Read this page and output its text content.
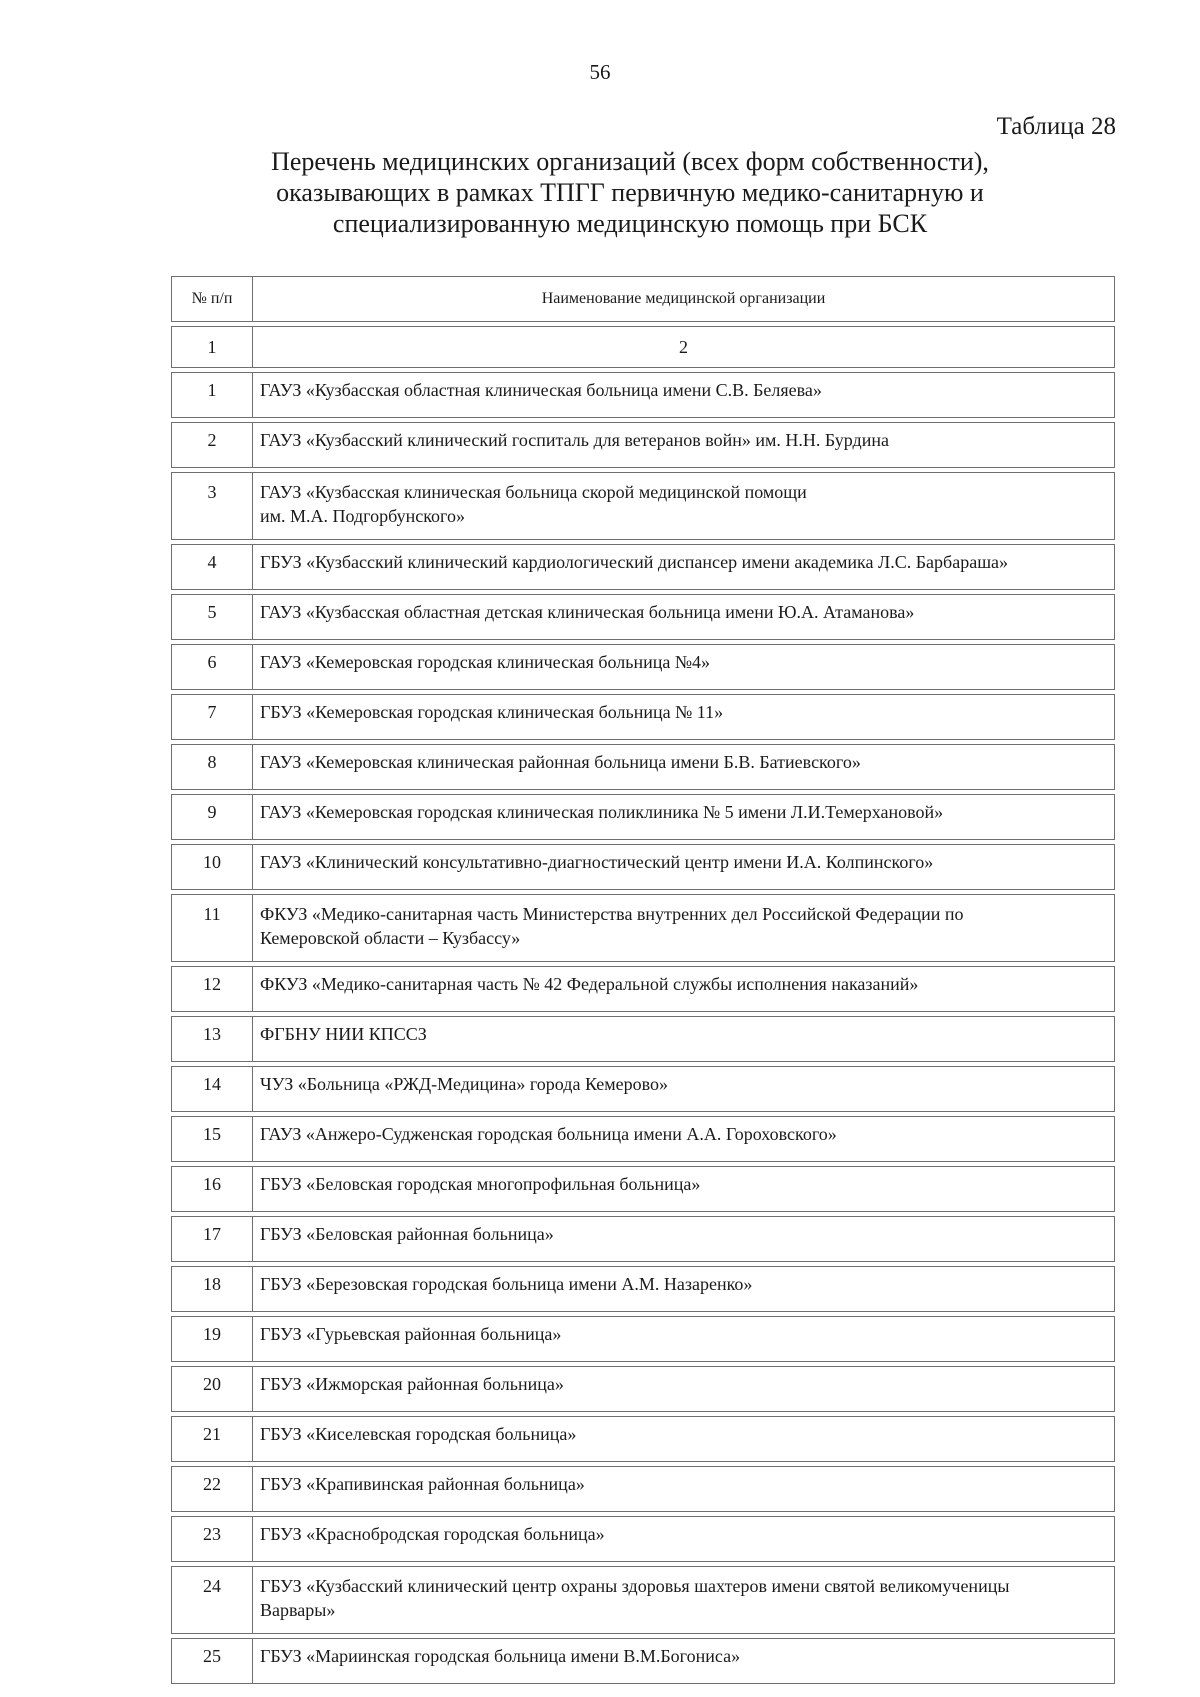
56
Таблица 28
Перечень медицинских организаций (всех форм собственности),
оказывающих в рамках ТПГГ первичную медико-санитарную и
специализированную медицинскую помощь при БСК
№ п/п	Наименование медицинской организации
1	2
1	ГАУЗ «Кузбасская областная клиническая больница имени С.В. Беляева»

2	ГАУЗ «Кузбасский клинический госпиталь для ветеранов войн» им. Н.Н. Бурдина

3	ГАУЗ «Кузбасская клиническая больница скорой медицинской помощи
им. М.А. Подгорбунского»

4	ГБУЗ «Кузбасский клинический кардиологический диспансер имени академика Л.С. Барбараша»

5	ГАУЗ «Кузбасская областная детская клиническая больница имени Ю.А. Атаманова»

6	ГАУЗ «Кемеровская городская клиническая больница №4»

7	ГБУЗ «Кемеровская городская клиническая больница № 11»

8	ГАУЗ «Кемеровская клиническая районная больница имени Б.В. Батиевского»

9	ГАУЗ «Кемеровская городская клиническая поликлиника № 5 имени Л.И.Темерхановой»

10	ГАУЗ «Клинический консультативно-диагностический центр имени И.А. Колпинского»

11	ФКУЗ «Медико-санитарная часть Министерства внутренних дел Российской Федерации по
Кемеровской области – Кузбассу»

12	ФКУЗ «Медико-санитарная часть № 42 Федеральной службы исполнения наказаний»

13	ФГБНУ НИИ КПССЗ

14	ЧУЗ «Больница «РЖД-Медицина» города Кемерово»

15	ГАУЗ «Анжеро-Судженская городская больница имени А.А. Гороховского»

16	ГБУЗ «Беловская городская многопрофильная больница»

17	ГБУЗ «Беловская районная больница»

18	ГБУЗ «Березовская городская больница имени А.М. Назаренко»

19	ГБУЗ «Гурьевская районная больница»

20	ГБУЗ «Ижморская районная больница»

21	ГБУЗ «Киселевская городская больница»

22	ГБУЗ «Крапивинская районная больница»

23	ГБУЗ «Краснобродская городская больница»

24	ГБУЗ «Кузбасский клинический центр охраны здоровья шахтеров имени святой великомученицы
Варвары»

25	ГБУЗ «Мариинская городская больница имени В.М.Богониса»
